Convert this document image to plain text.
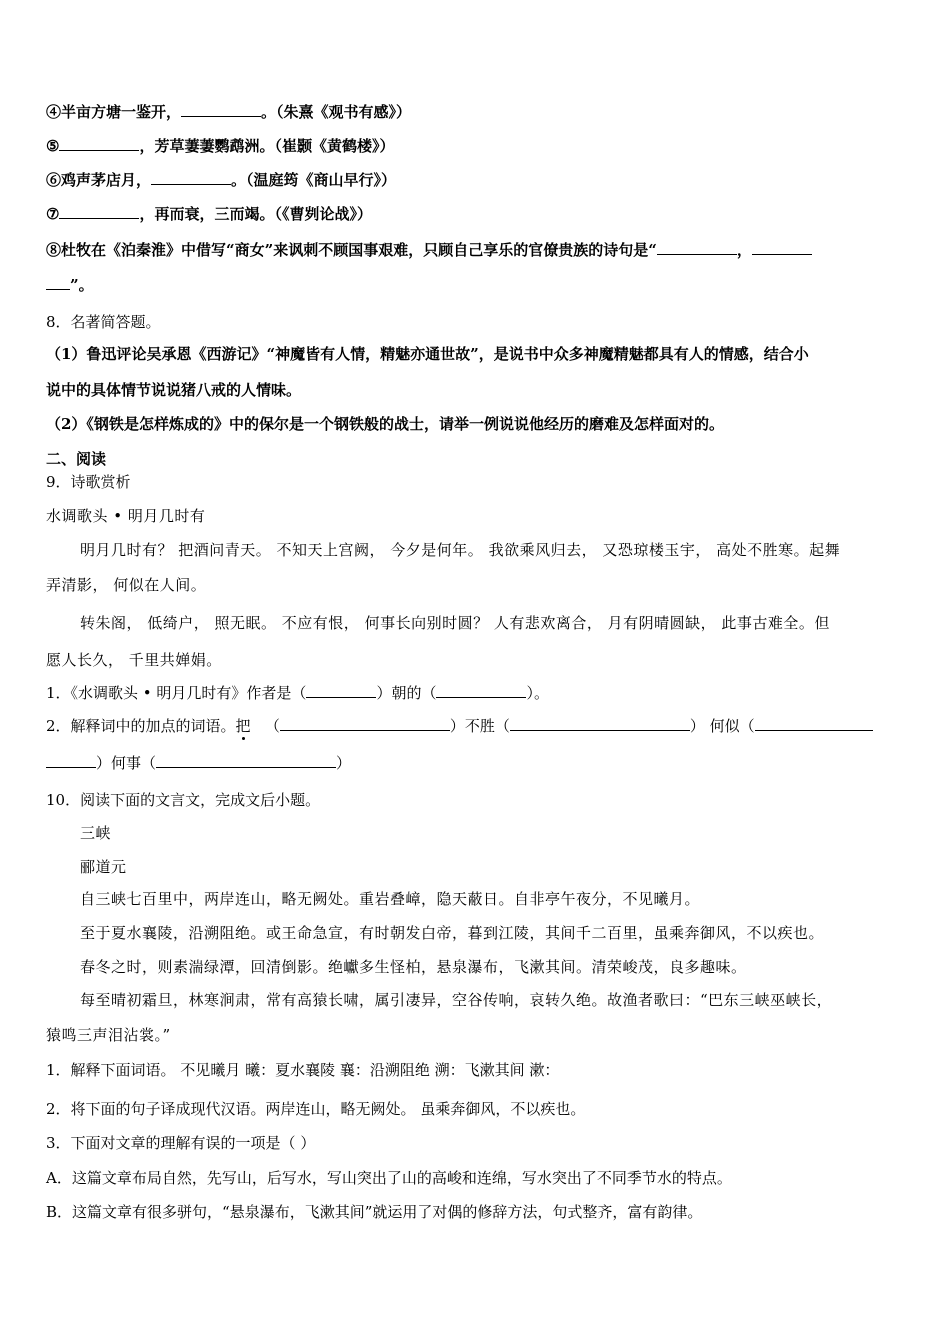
④半亩方塘一鉴开，	。（朱熹《观书有感》）
⑤	，芳草萋萋鹦鹉洲。（崔颢《黄鹤楼》）
⑥鸡声茅店月，	。（温庭筠《商山早行》）
⑦	，再而衰，三而竭。（《曹刿论战》）
⑧杜牧在《泊秦淮》中借写“商女”来讽刺不顾国事艰难，只顾自己享乐的官僚贵族的诗句是“	，
”。
8．名著简答题。
（1）鲁迅评论吴承恩《西游记》“神魔皆有人情，精魅亦通世故”，是说书中众多神魔精魅都具有人的情感，结合小
说中的具体情节说说猪八戒的人情味。
（2）《钢铁是怎样炼成的》中的保尔是一个钢铁般的战士，请举一例说说他经历的磨难及怎样面对的。
二、阅读
9．诗歌赏析
水调歌头 • 明月几时有
明月几时有？ 把酒问青天。 不知天上宫阙， 今夕是何年。 我欲乘风归去， 又恐琼楼玉宇， 高处不胜寒。起舞
弄清影， 何似在人间。
转朱阁， 低绮户， 照无眠。 不应有恨， 何事长向别时圆？ 人有悲欢离合， 月有阴晴圆缺， 此事古难全。但
愿人长久， 千里共婵娟。
1．《水调歌头 • 明月几时有》作者是（	）朝的（	）。
2．解释词中的加点的词语。把 （	）不胜（	） 何似（
）何事（	）
10．阅读下面的文言文，完成文后小题。
三峡
郦道元
自三峡七百里中，两岸连山，略无阙处。重岩叠嶂，隐天蔽日。自非亭午夜分，不见曦月。
至于夏水襄陵，沿溯阻绝。或王命急宣，有时朝发白帝，暮到江陵，其间千二百里，虽乘奔御风，不以疾也。
春冬之时，则素湍绿潭，回清倒影。绝巘多生怪柏，悬泉瀑布，飞漱其间。清荣峻茂，良多趣味。
每至晴初霜旦，林寒涧肃，常有高猿长啸，属引凄异，空谷传响，哀转久绝。故渔者歌曰：“巴东三峡巫峡长，
猿鸣三声泪沾裳。”
1．解释下面词语。 不见曦月 曦：夏水襄陵 襄：沿溯阻绝 溯：飞漱其间 漱：
2．将下面的句子译成现代汉语。两岸连山，略无阙处。 虽乘奔御风，不以疾也。
3．下面对文章的理解有误的一项是（ ）
A．这篇文章布局自然，先写山，后写水，写山突出了山的高峻和连绵，写水突出了不同季节水的特点。
B．这篇文章有很多骈句，“悬泉瀑布，飞漱其间”就运用了对偶的修辞方法，句式整齐，富有韵律。
